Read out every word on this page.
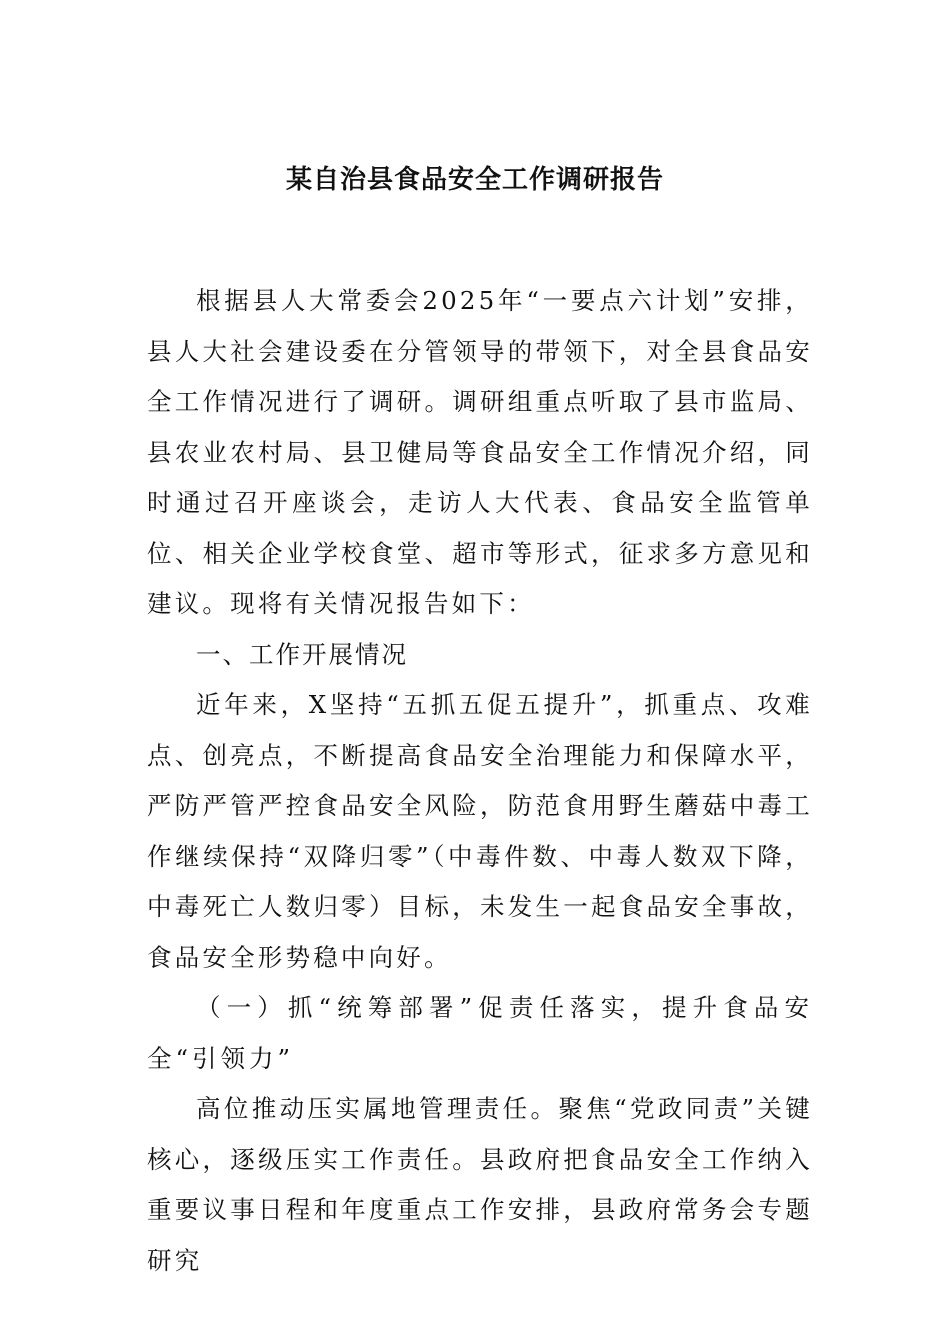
某自治县食品安全工作调研报告

根据县人大常委会2025年“一要点六计划”安排，县人大社会建设委在分管领导的带领下，对全县食品安全工作情况进行了调研。调研组重点听取了县市监局、县农业农村局、县卫健局等食品安全工作情况介绍，同时通过召开座谈会，走访人大代表、食品安全监管单位、相关企业学校食堂、超市等形式，征求多方意见和建议。现将有关情况报告如下：

一、工作开展情况

近年来，X坚持“五抓五促五提升”，抓重点、攻难点、创亮点，不断提高食品安全治理能力和保障水平，严防严管严控食品安全风险，防范食用野生蘑菇中毒工作继续保持“双降归零”（中毒件数、中毒人数双下降，中毒死亡人数归零）目标，未发生一起食品安全事故，食品安全形势稳中向好。

（一）抓“统筹部署”促责任落实，提升食品安全“引领力”

高位推动压实属地管理责任。聚焦“党政同责”关键核心，逐级压实工作责任。县政府把食品安全工作纳入重要议事日程和年度重点工作安排，县政府常务会专题研究
